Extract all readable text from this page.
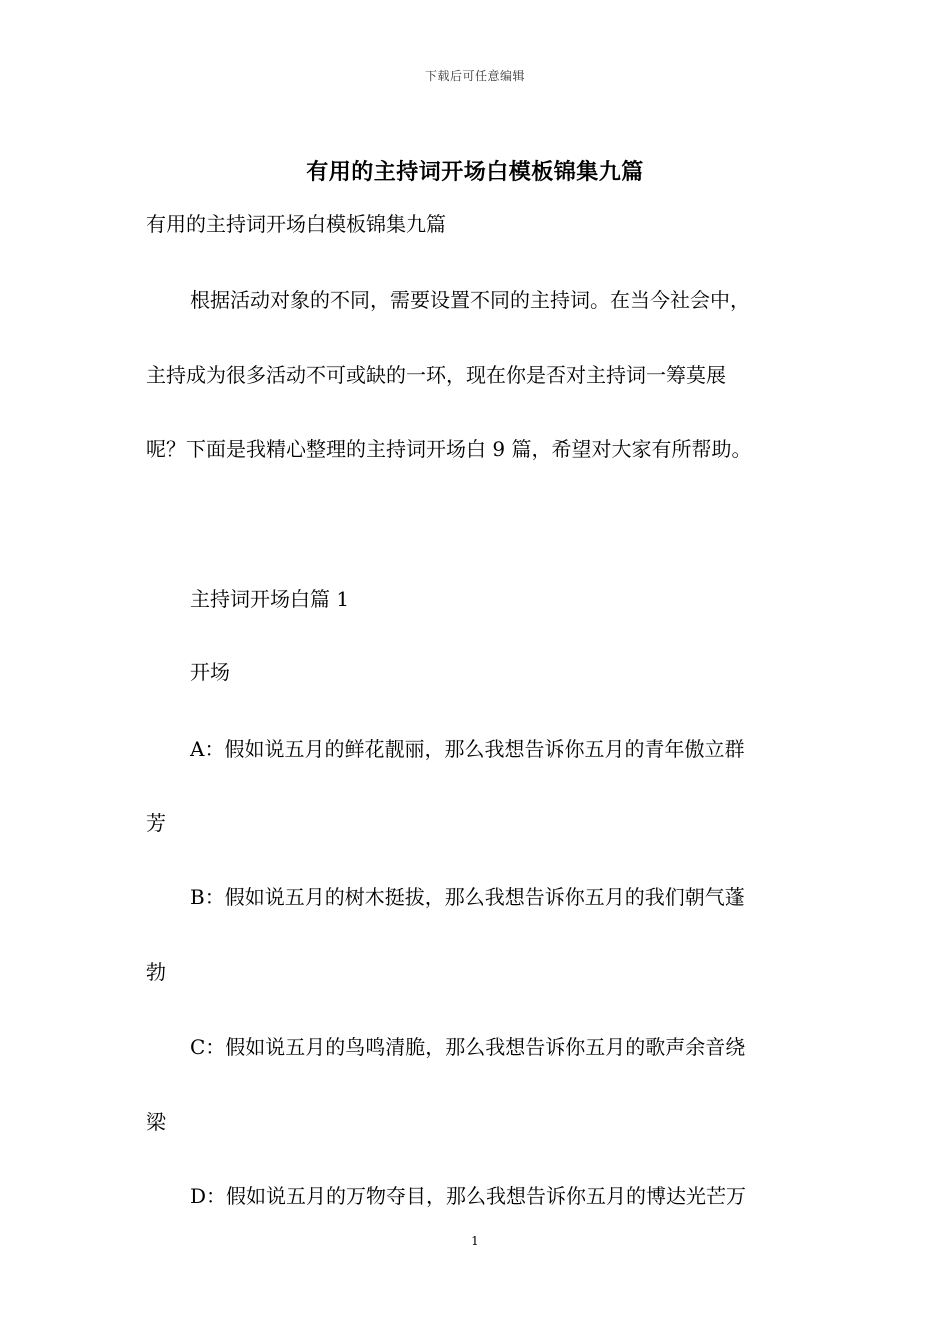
下载后可任意编辑
有用的主持词开场白模板锦集九篇
有用的主持词开场白模板锦集九篇
根据活动对象的不同，需要设置不同的主持词。在当今社会中，
主持成为很多活动不可或缺的一环，现在你是否对主持词一筹莫展
呢？下面是我精心整理的主持词开场白 9 篇，希望对大家有所帮助。
主持词开场白篇 1
开场
A：假如说五月的鲜花靓丽，那么我想告诉你五月的青年傲立群
芳
B：假如说五月的树木挺拔，那么我想告诉你五月的我们朝气蓬
勃
C：假如说五月的鸟鸣清脆，那么我想告诉你五月的歌声余音绕
梁
D：假如说五月的万物夺目，那么我想告诉你五月的博达光芒万
1
